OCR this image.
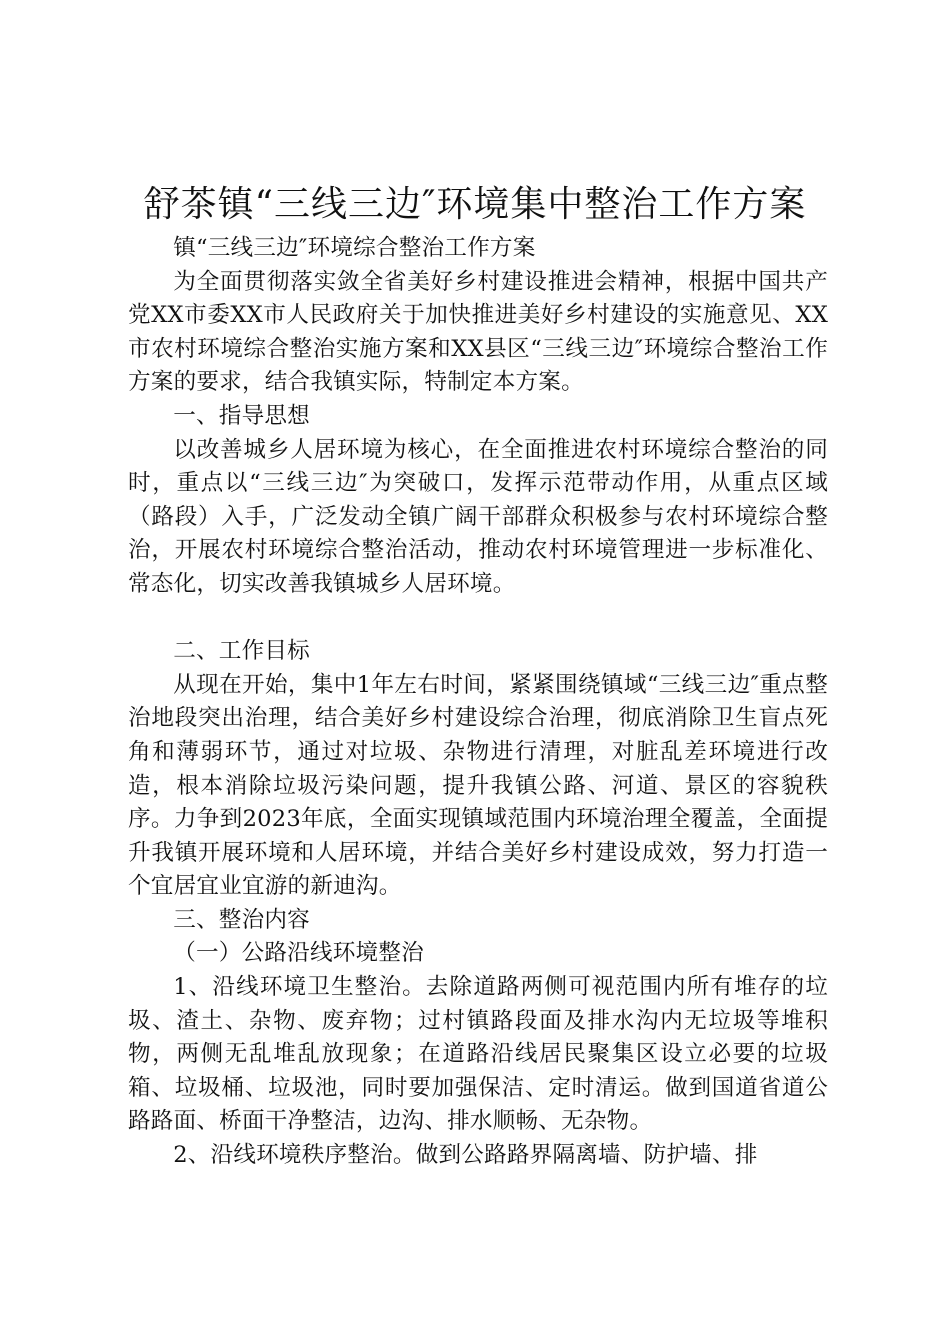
舒茶镇“三线三边″环境集中整治工作方案

镇“三线三边″环境综合整治工作方案

为全面贯彻落实敛全省美好乡村建设推进会精神，根据中国共产党XX市委XX市人民政府关于加快推进美好乡村建设的实施意见、XX市农村环境综合整治实施方案和XX县区“三线三边″环境综合整治工作方案的要求，结合我镇实际，特制定本方案。

一、指导思想

以改善城乡人居环境为核心，在全面推进农村环境综合整治的同时，重点以“三线三边″为突破口，发挥示范带动作用，从重点区域（路段）入手，广泛发动全镇广阔干部群众积极参与农村环境综合整治，开展农村环境综合整治活动，推动农村环境管理进一步标准化、常态化，切实改善我镇城乡人居环境。

二、工作目标

从现在开始，集中1年左右时间，紧紧围绕镇域“三线三边″重点整治地段突出治理，结合美好乡村建设综合治理，彻底消除卫生盲点死角和薄弱环节，通过对垃圾、杂物进行清理，对脏乱差环境进行改造，根本消除垃圾污染问题，提升我镇公路、河道、景区的容貌秩序。力争到2023年底，全面实现镇域范围内环境治理全覆盖，全面提升我镇开展环境和人居环境，并结合美好乡村建设成效，努力打造一个宜居宜业宜游的新迪沟。

三、整治内容

（一）公路沿线环境整治

1、沿线环境卫生整治。去除道路两侧可视范围内所有堆存的垃圾、渣土、杂物、废弃物；过村镇路段面及排水沟内无垃圾等堆积物，两侧无乱堆乱放现象；在道路沿线居民聚集区设立必要的垃圾箱、垃圾桶、垃圾池，同时要加强保洁、定时清运。做到国道省道公路路面、桥面干净整洁，边沟、排水顺畅、无杂物。

2、沿线环境秩序整治。做到公路路界隔离墙、防护墙、排
